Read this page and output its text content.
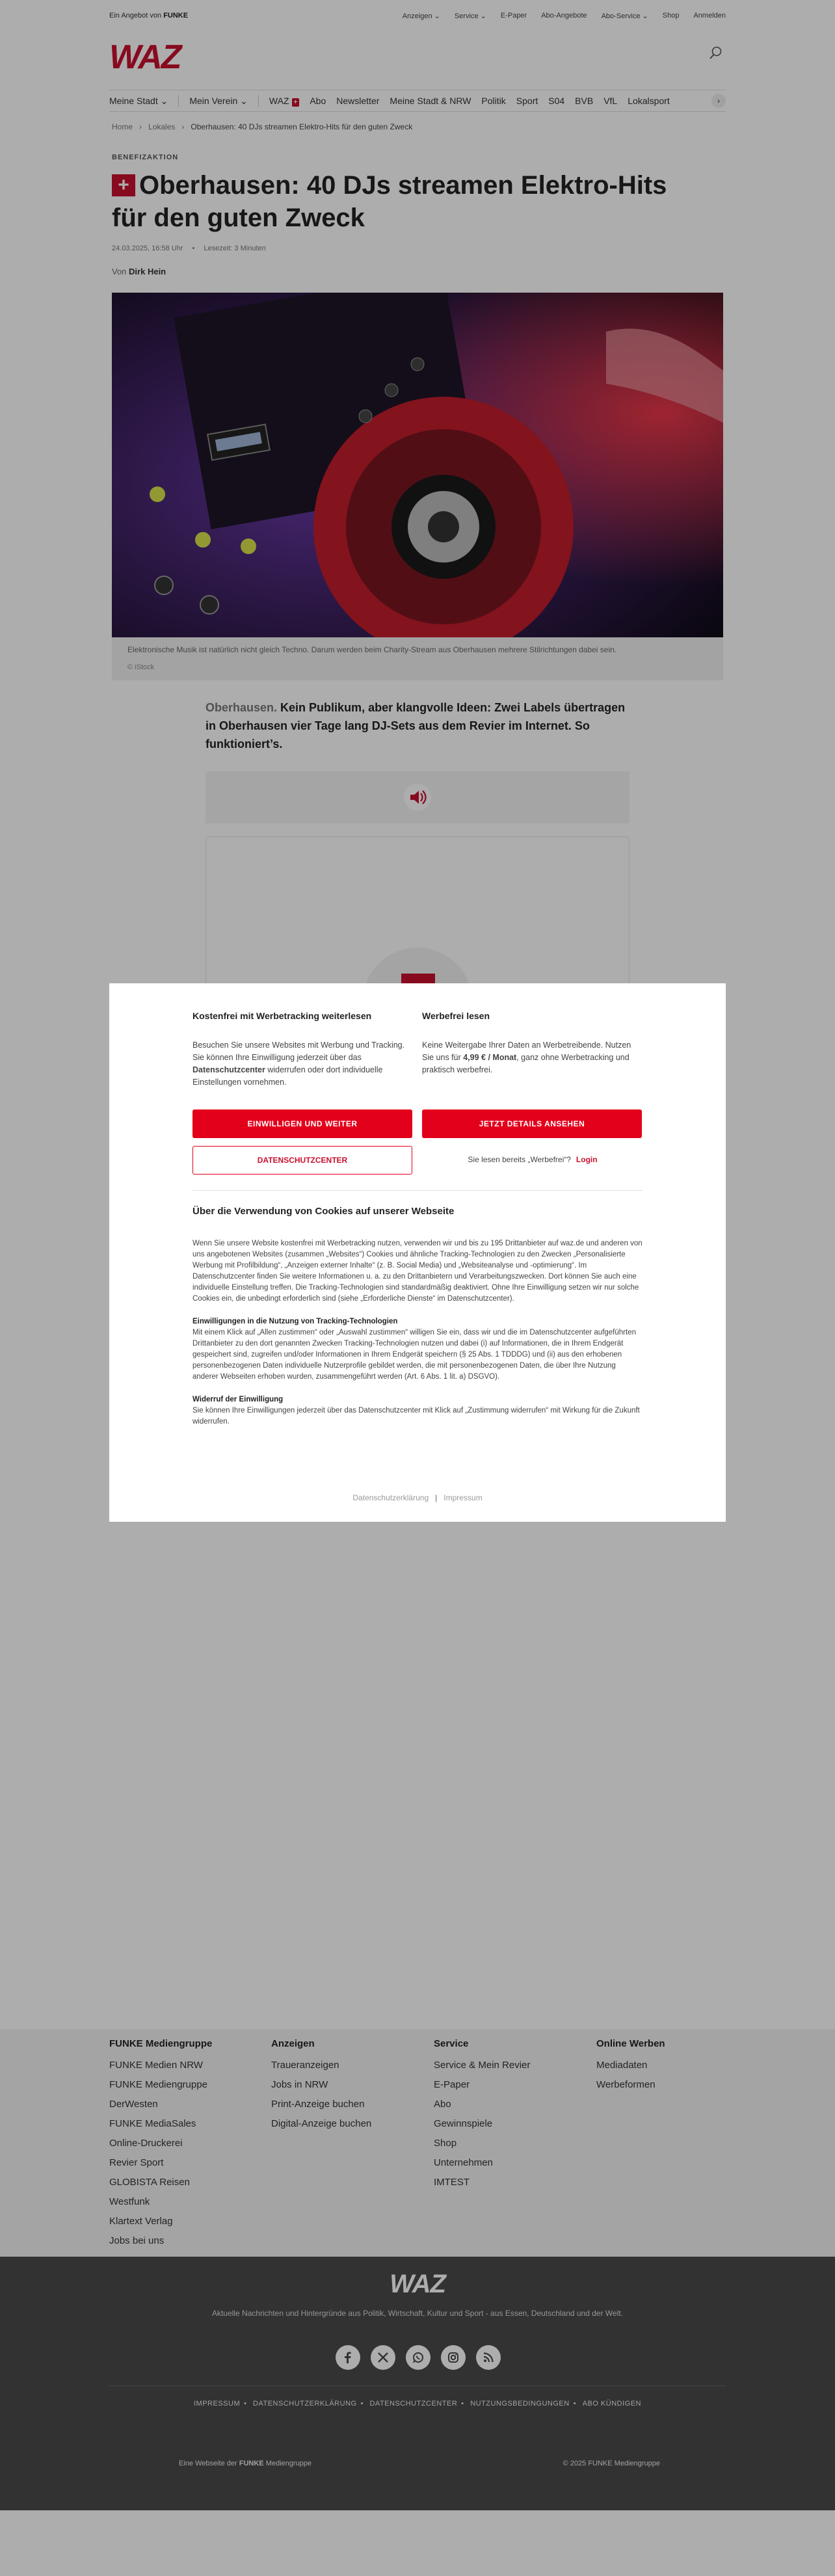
Ein Angebot von FUNKE	Anzeigen ⌄ Service ⌄ E-Paper Abo-Angebote Abo-Service ⌄ Shop Anmelden
WAZ
Meine Stadt ⌄ Mein Verein ⌄ WAZ + Abo Newsletter Meine Stadt & NRW Politik Sport S04 BVB VfL Lokalsport	›
Home › Lokales › Oberhausen: 40 DJs streamen Elektro-Hits für den guten Zweck
BENEFIZAKTION
+ Oberhausen: 40 DJs streamen Elektro-Hits für den guten Zweck
24.03.2025, 16:58 Uhr • Lesezeit: 3 Minuten
Von Dirk Hein
Elektronische Musik ist natürlich nicht gleich Techno. Darum werden beim Charity-Stream aus Oberhausen mehrere Stilrichtungen dabei sein.
© iStock

Oberhausen. Kein Publikum, aber klangvolle Ideen: Zwei Labels übertragen in Oberhausen vier Tage lang DJ-Sets aus dem Revier im Internet. So funktioniert’s.

FUNKE Mediengruppe
FUNKE Medien NRW
FUNKE Mediengruppe
DerWesten
FUNKE MediaSales
Online-Druckerei
Revier Sport
GLOBISTA Reisen
Westfunk
Klartext Verlag
Jobs bei uns
Anzeigen
Traueranzeigen
Jobs in NRW
Print-Anzeige buchen
Digital-Anzeige buchen
Service
Service & Mein Revier
E-Paper
Abo
Gewinnspiele
Shop
Unternehmen
IMTEST
Online Werben
Mediadaten
Werbeformen
WAZ
Aktuelle Nachrichten und Hintergründe aus Politik, Wirtschaft, Kultur und Sport - aus Essen, Deutschland und der Welt.
IMPRESSUM • DATENSCHUTZERKLÄRUNG • DATENSCHUTZCENTER • NUTZUNGSBEDINGUNGEN • ABO KÜNDIGEN
Eine Webseite der FUNKE Mediengruppe	© 2025 FUNKE Mediengruppe
Kostenfrei mit Werbetracking weiterlesen

Besuchen Sie unsere Websites mit Werbung und Tracking. Sie können Ihre Einwilligung jederzeit über das Datenschutzcenter widerrufen oder dort individuelle Einstellungen vornehmen.

Werbefrei lesen

Keine Weitergabe Ihrer Daten an Werbetreibende. Nutzen Sie uns für 4,99 € / Monat, ganz ohne Werbetracking und praktisch werbefrei.

EINWILLIGEN UND WEITER	JETZT DETAILS ANSEHEN
DATENSCHUTZCENTER	Sie lesen bereits „Werbefrei“? Login
Über die Verwendung von Cookies auf unserer Webseite

Wenn Sie unsere Website kostenfrei mit Werbetracking nutzen, verwenden wir und bis zu 195 Drittanbieter auf waz.de und anderen von uns angebotenen Websites (zusammen „Websites“) Cookies und ähnliche Tracking-Technologien zu den Zwecken „Personalisierte Werbung mit Profilbildung“, „Anzeigen externer Inhalte“ (z. B. Social Media) und „Websiteanalyse und -optimierung“. Im Datenschutzcenter finden Sie weitere Informationen u. a. zu den Drittanbietern und Verarbeitungszwecken. Dort können Sie auch eine individuelle Einstellung treffen. Die Tracking-Technologien sind standardmäßig deaktiviert. Ohne Ihre Einwilligung setzen wir nur solche Cookies ein, die unbedingt erforderlich sind (siehe „Erforderliche Dienste“ im Datenschutzcenter).

Einwilligungen in die Nutzung von Tracking-Technologien

Mit einem Klick auf „Allen zustimmen“ oder „Auswahl zustimmen“ willigen Sie ein, dass wir und die im Datenschutzcenter aufgeführten Drittanbieter zu den dort genannten Zwecken Tracking-Technologien nutzen und dabei (i) auf Informationen, die in Ihrem Endgerät gespeichert sind, zugreifen und/oder Informationen in Ihrem Endgerät speichern (§ 25 Abs. 1 TDDDG) und (ii) aus den erhobenen personenbezogenen Daten individuelle Nutzerprofile gebildet werden, die mit personenbezogenen Daten, die über Ihre Nutzung anderer Webseiten erhoben wurden, zusammengeführt werden (Art. 6 Abs. 1 lit. a) DSGVO).

Widerruf der Einwilligung

Sie können Ihre Einwilligungen jederzeit über das Datenschutzcenter mit Klick auf „Zustimmung widerrufen“ mit Wirkung für die Zukunft widerrufen.

Datenschutzerklärung | Impressum
